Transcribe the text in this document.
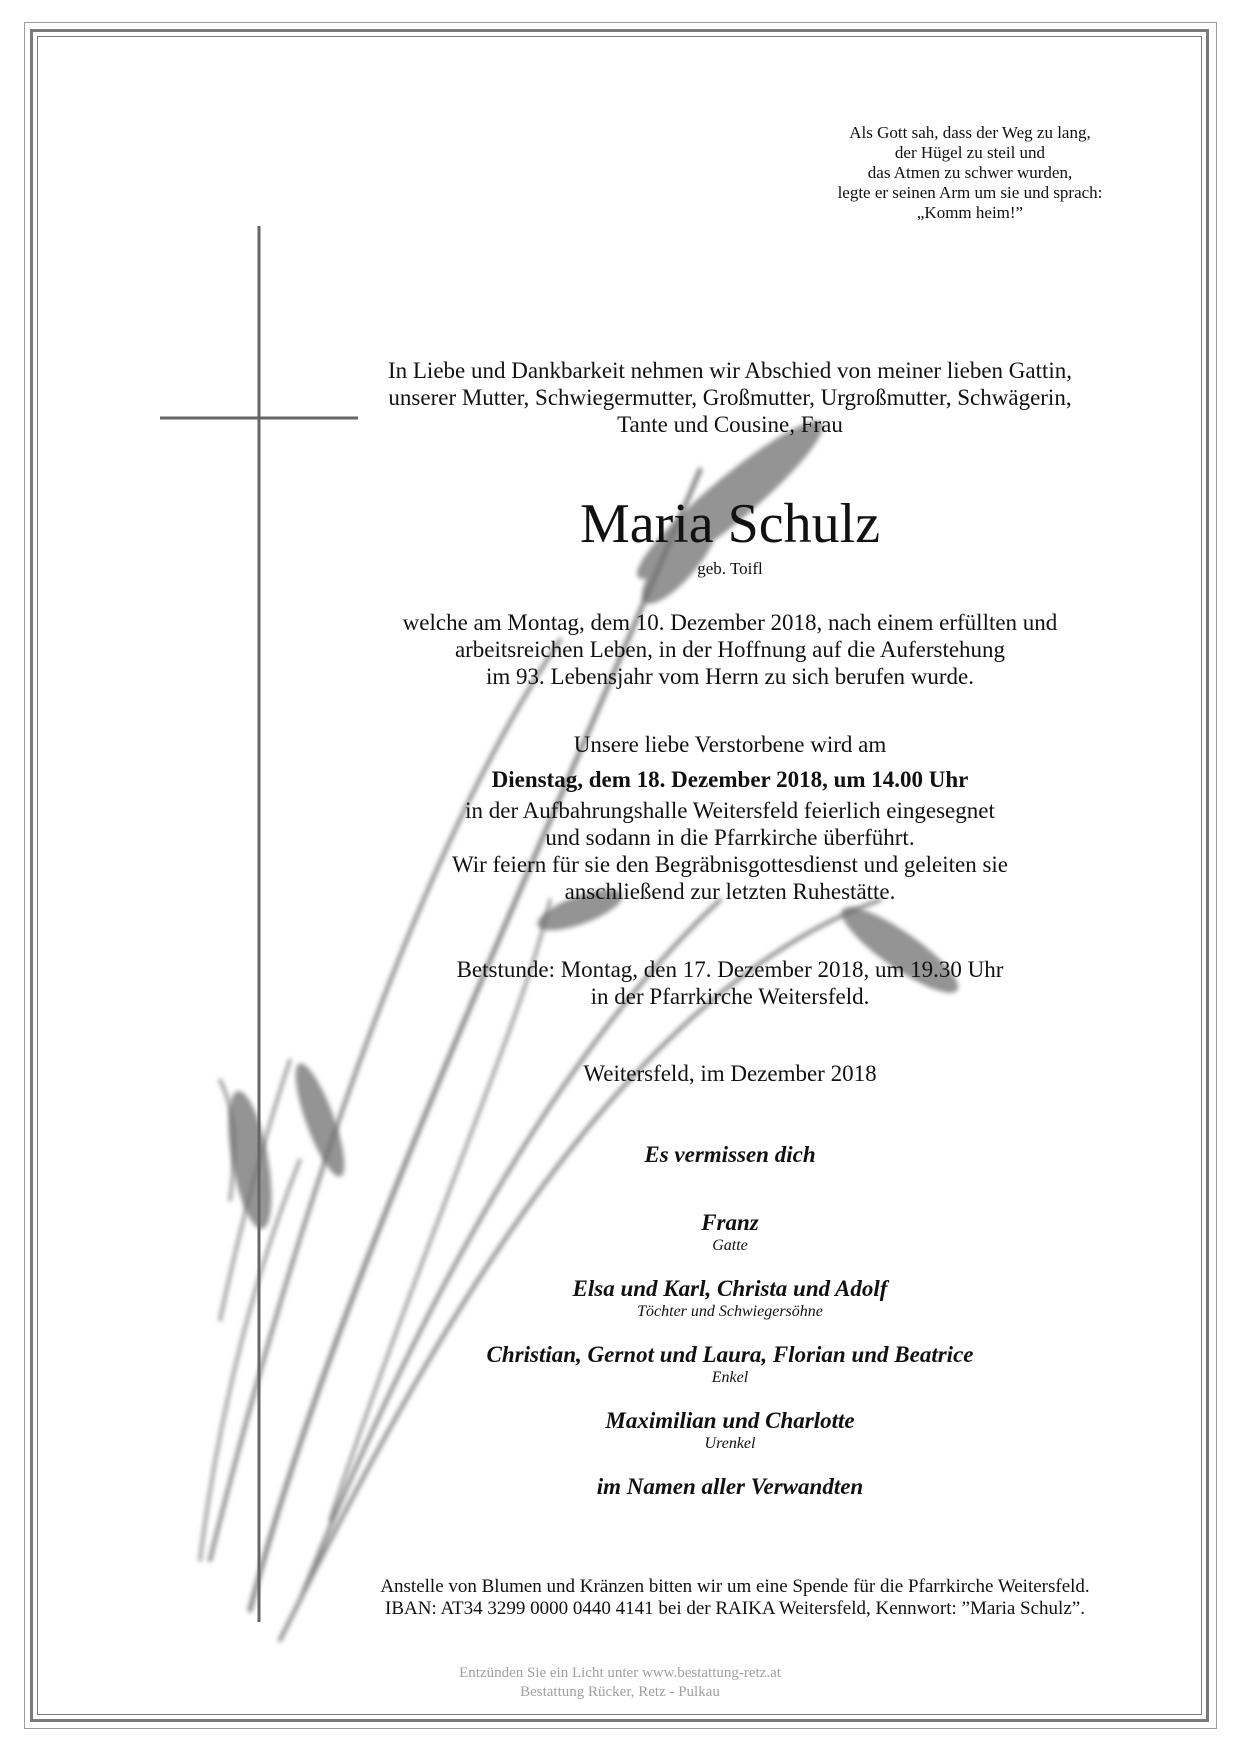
Als Gott sah, dass der Weg zu lang,
der Hügel zu steil und
das Atmen zu schwer wurden,
legte er seinen Arm um sie und sprach:
„Komm heim!”
In Liebe und Dankbarkeit nehmen wir Abschied von meiner lieben Gattin,
unserer Mutter, Schwiegermutter, Großmutter, Urgroßmutter, Schwägerin,
Tante und Cousine, Frau
Maria Schulz
geb. Toifl
welche am Montag, dem 10. Dezember 2018, nach einem erfüllten und
arbeitsreichen Leben, in der Hoffnung auf die Auferstehung
im 93. Lebensjahr vom Herrn zu sich berufen wurde.
Unsere liebe Verstorbene wird am
Dienstag, dem 18. Dezember 2018, um 14.00 Uhr
in der Aufbahrungshalle Weitersfeld feierlich eingesegnet
und sodann in die Pfarrkirche überführt.
Wir feiern für sie den Begräbnisgottesdienst und geleiten sie
anschließend zur letzten Ruhestätte.
Betstunde: Montag, den 17. Dezember 2018, um 19.30 Uhr
in der Pfarrkirche Weitersfeld.
Weitersfeld, im Dezember 2018
Es vermissen dich
Franz
Gatte
Elsa und Karl, Christa und Adolf
Töchter und Schwiegersöhne
Christian, Gernot und Laura, Florian und Beatrice
Enkel
Maximilian und Charlotte
Urenkel
im Namen aller Verwandten
Anstelle von Blumen und Kränzen bitten wir um eine Spende für die Pfarrkirche Weitersfeld.
IBAN: AT34 3299 0000 0440 4141 bei der RAIKA Weitersfeld, Kennwort: ”Maria Schulz”.
Entzünden Sie ein Licht unter www.bestattung-retz.at
Bestattung Rücker, Retz - Pulkau
